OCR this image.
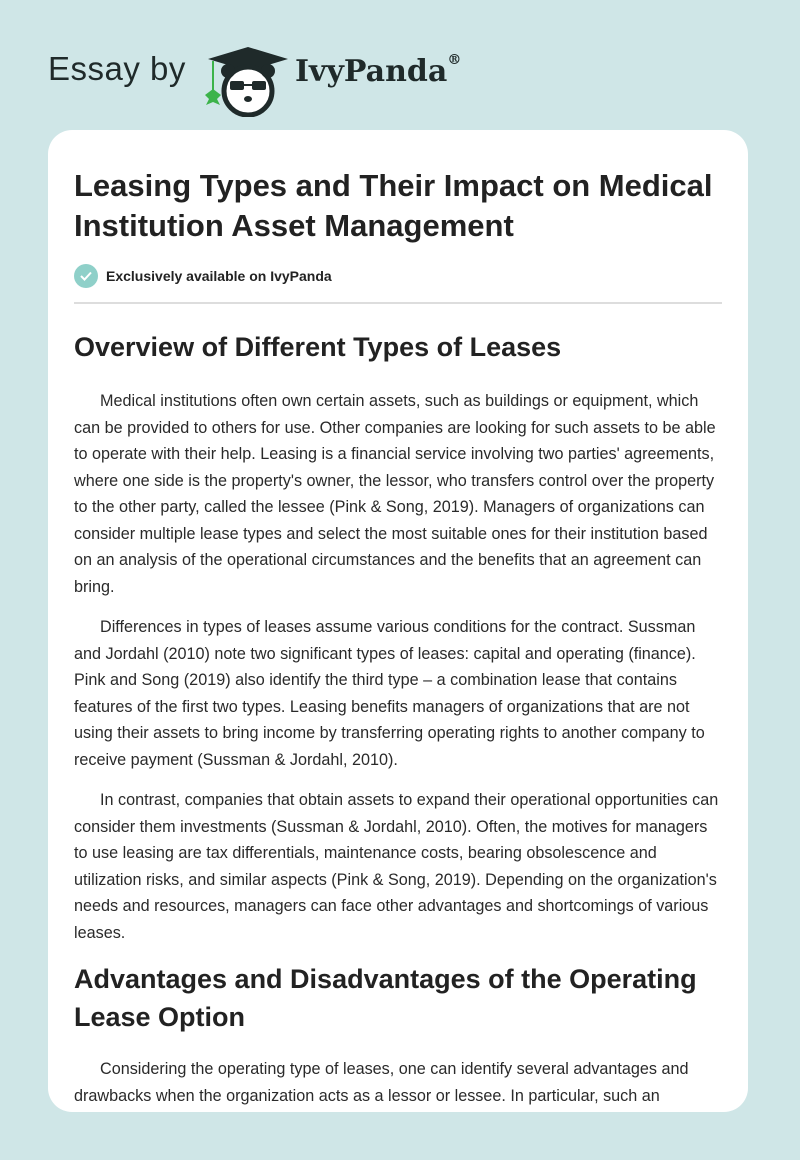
Essay by	IvyPanda®
Leasing Types and Their Impact on Medical Institution Asset Management
Exclusively available on IvyPanda
Overview of Different Types of Leases

Medical institutions often own certain assets, such as buildings or equipment, which can be provided to others for use. Other companies are looking for such assets to be able to operate with their help. Leasing is a financial service involving two parties' agreements, where one side is the property's owner, the lessor, who transfers control over the property to the other party, called the lessee (Pink & Song, 2019). Managers of organizations can consider multiple lease types and select the most suitable ones for their institution based on an analysis of the operational circumstances and the benefits that an agreement can bring.

Differences in types of leases assume various conditions for the contract. Sussman and Jordahl (2010) note two significant types of leases: capital and operating (finance). Pink and Song (2019) also identify the third type – a combination lease that contains features of the first two types. Leasing benefits managers of organizations that are not using their assets to bring income by transferring operating rights to another company to receive payment (Sussman & Jordahl, 2010).

In contrast, companies that obtain assets to expand their operational opportunities can consider them investments (Sussman & Jordahl, 2010). Often, the motives for managers to use leasing are tax differentials, maintenance costs, bearing obsolescence and utilization risks, and similar aspects (Pink & Song, 2019). Depending on the organization's needs and resources, managers can face other advantages and shortcomings of various leases.

Advantages and Disadvantages of the Operating Lease Option

Considering the operating type of leases, one can identify several advantages and drawbacks when the organization acts as a lessor or lessee. In particular, such an
